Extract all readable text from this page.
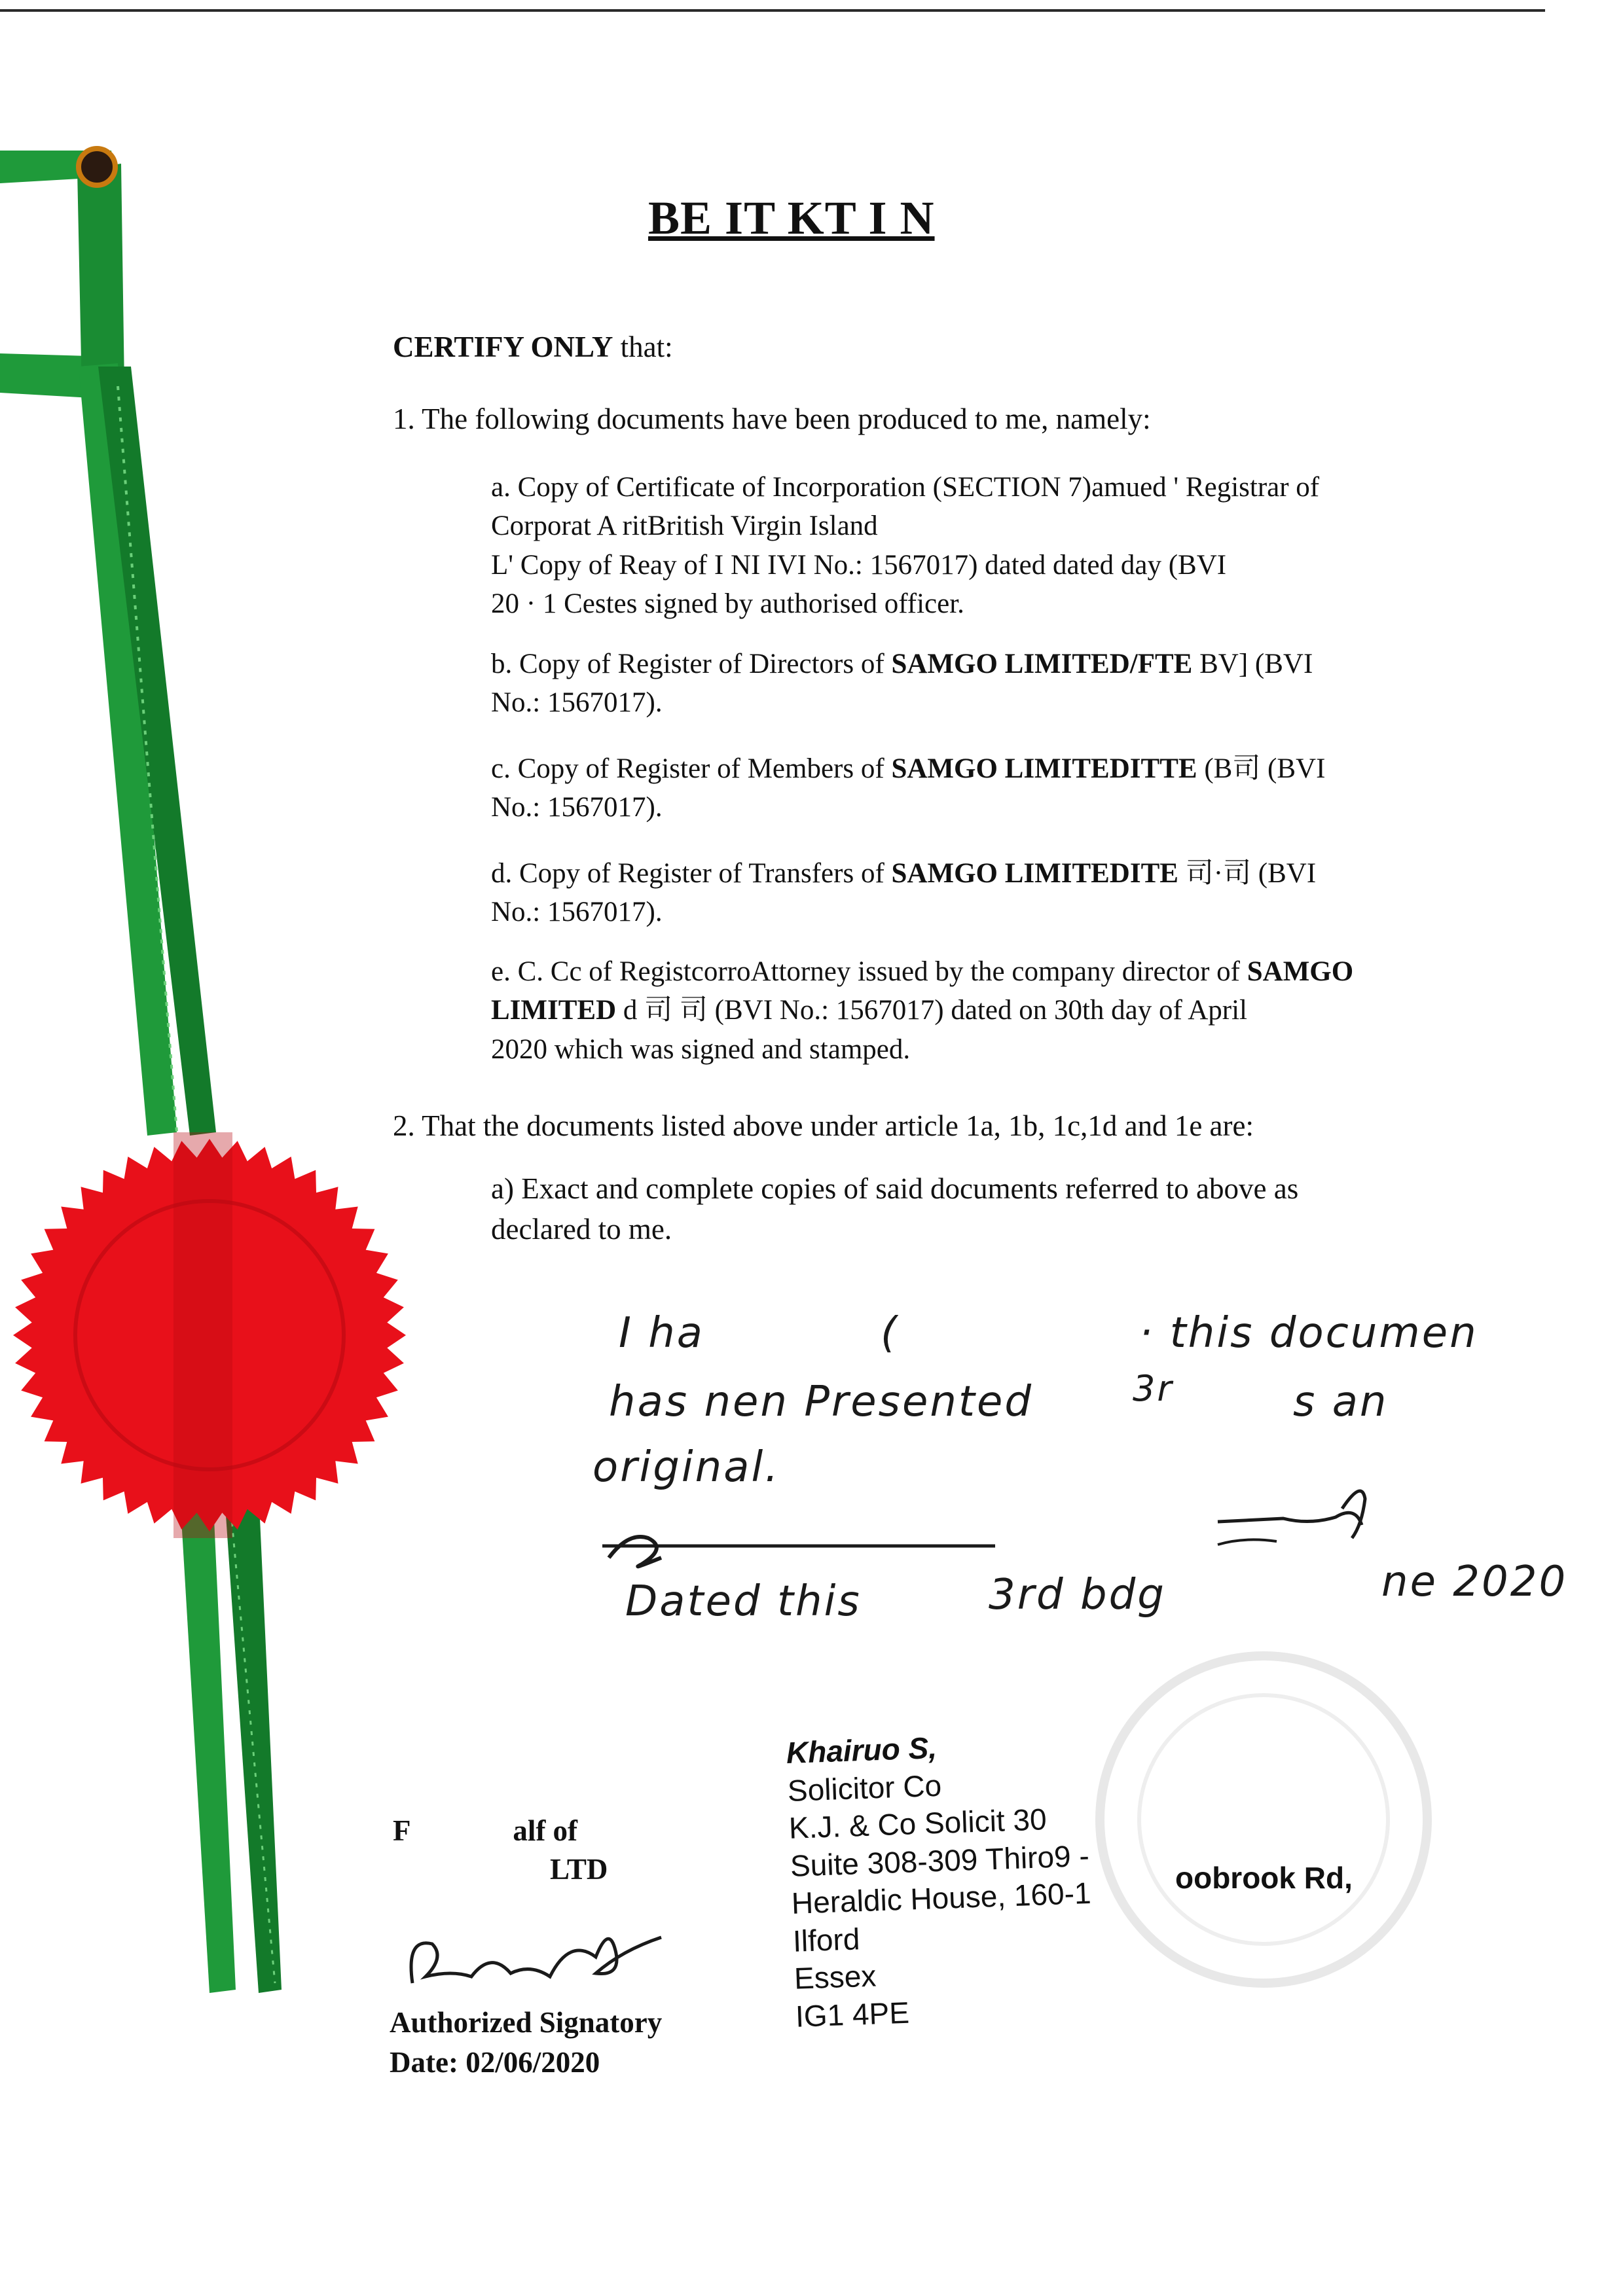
BE IT KT I N
CERTIFY ONLY that:
1. The following documents have been produced to me, namely:
a. Copy of Certificate of Incorporation (SECTION 7)amued ' Registrar of
Corporat A ritBritish Virgin Island
L' Copy of Reay of I NI IVI No.: 1567017) dated dated day (BVI
20 · 1 Cestes signed by authorised officer.
b. Copy of Register of Directors of SAMGO LIMITED/FTE BV] (BVI
No.: 1567017).
c. Copy of Register of Members of SAMGO LIMITEDITTE (B司 (BVI
No.: 1567017).
d. Copy of Register of Transfers of SAMGO LIMITEDITE 司·司 (BVI
No.: 1567017).
e. C. Cc of RegistcorroAttorney issued by the company director of SAMGO
LIMITED d 司 司 (BVI No.: 1567017) dated on 30th day of April
2020 which was signed and stamped.
2. That the documents listed above under article 1a, 1b, 1c,1d and 1e are:
a) Exact and complete copies of said documents referred to above as
declared to me.
I ha	(	· this documen
has nen Presented	3r	s an
original.
Dated this	3rd bdg	ne 2020
F              alf of
LTD
Authorized Signatory
Date: 02/06/2020
Khairuo S,
Solicitor Co
K.J. & Co Solicit 30
Suite 308-309 Thiro9 -
Heraldic House, 160-1
Ilford
Essex
IG1 4PE
oobrook Rd,
